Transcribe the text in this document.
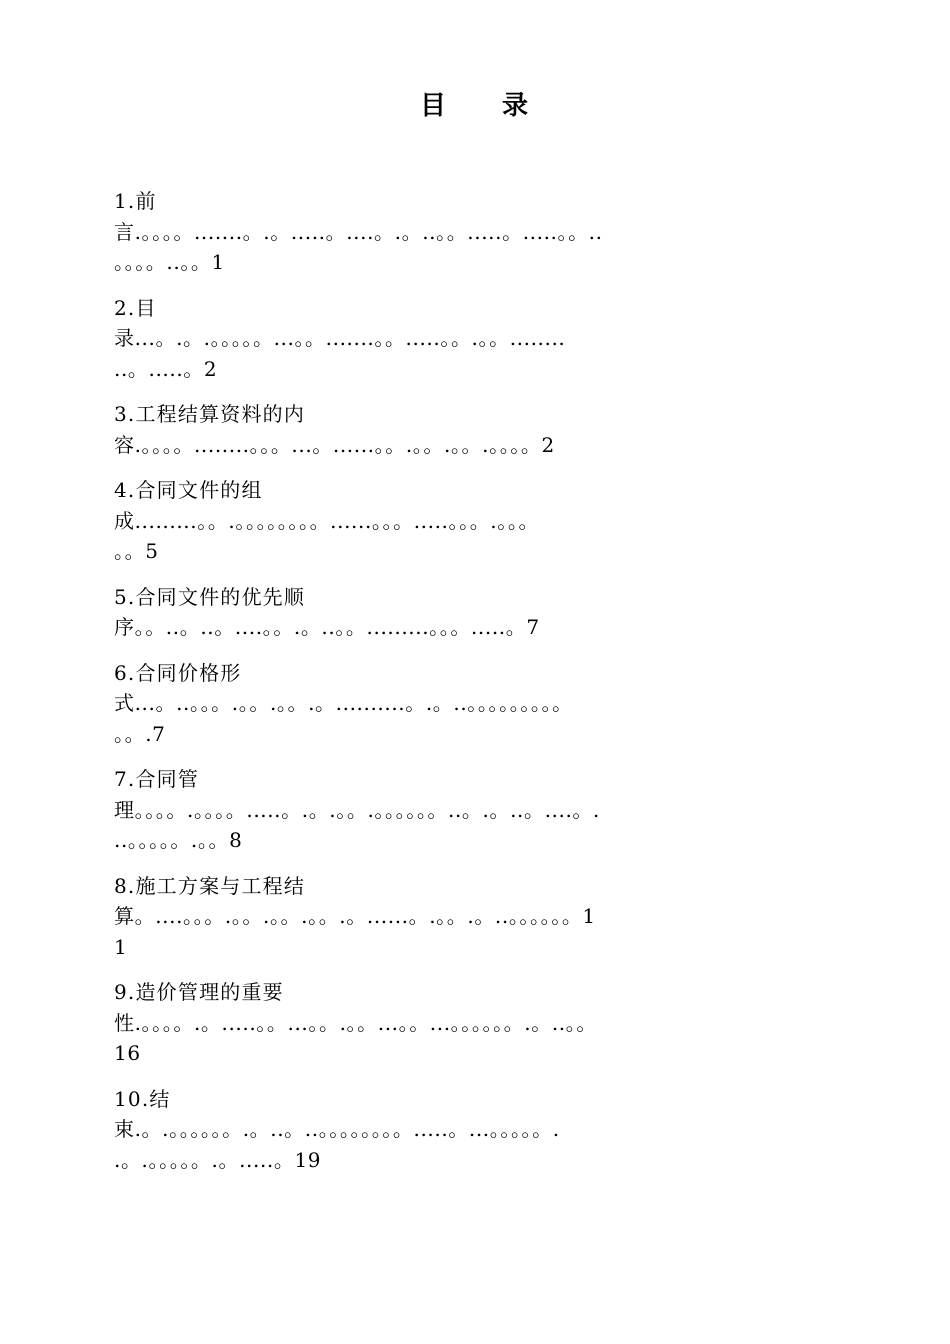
目 录
1.前
言.。。。。.......。.。.....。....。.。..。。.....。.....。。..
。。。。..。。1
2.目
录...。.。.。。。。。...。。.......。。.....。。.。。........
..。.....。2
3.工程结算资料的内
容.。。。。........。。。...。......。。.。。.。。.。。。。2
4.合同文件的组
成.........。。.。。。。。。。。......。。。.....。。。.。。。
。。5
5.合同文件的优先顺
序。。..。..。....。。.。..。。.........。。。.....。7
6.合同价格形
式...。..。。。.。。.。。.。..........。.。..。。。。。。。。。
。。.7
7.合同管
理。。。。.。。。。.....。.。.。。.。。。。。。..。.。..。....。.
..。。。。。.。。8
8.施工方案与工程结
算。....。。。.。。.。。.。。.。......。.。。.。..。。。。。。1
1
9.造价管理的重要
性.。。。。.。.....。。...。。.。。...。。...。。。。。。.。..。。
16
10.结
束.。.。。。。。。.。..。..。。。。。。。。.....。...。。。。。.
.。.。。。。。.。.....。19
